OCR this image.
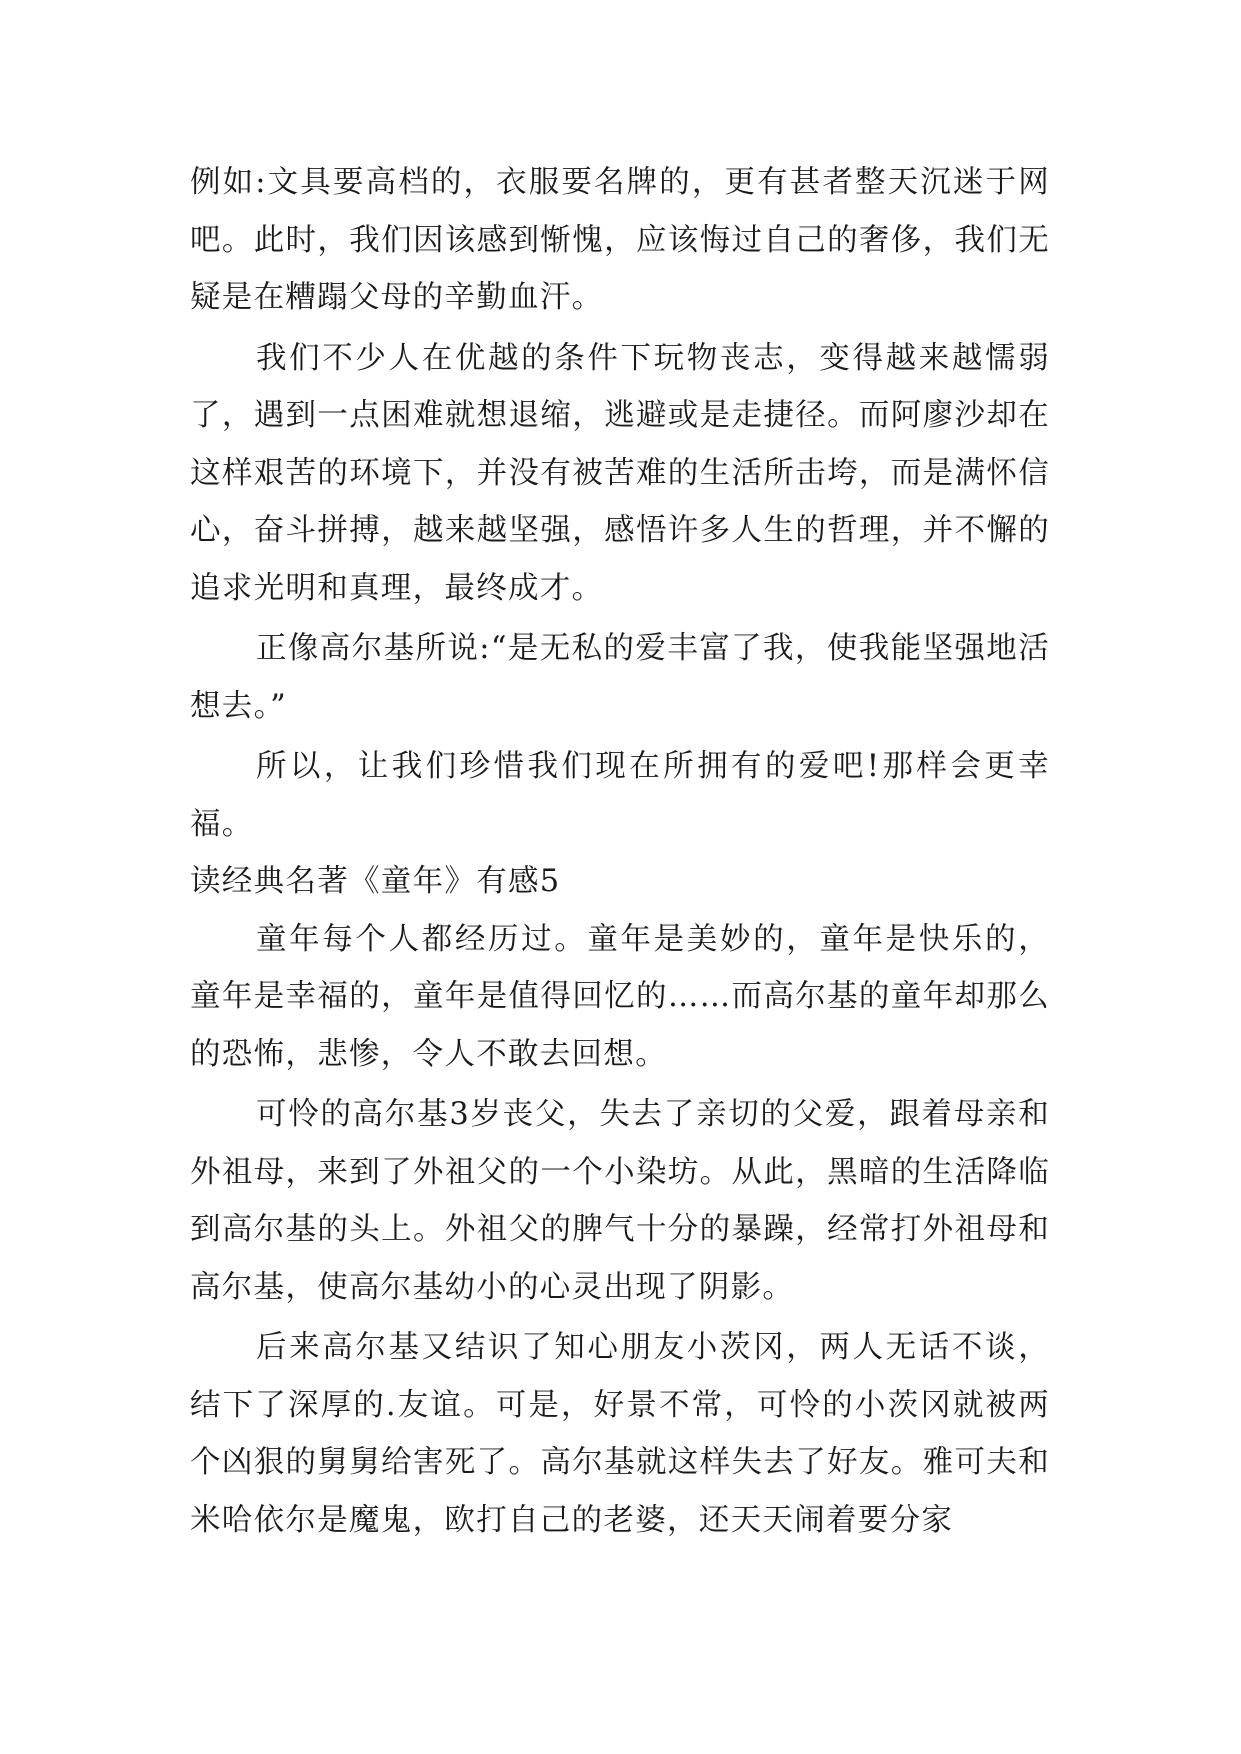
例如:文具要高档的，衣服要名牌的，更有甚者整天沉迷于网吧。此时，我们因该感到惭愧，应该悔过自己的奢侈，我们无疑是在糟蹋父母的辛勤血汗。

我们不少人在优越的条件下玩物丧志，变得越来越懦弱了，遇到一点困难就想退缩，逃避或是走捷径。而阿廖沙却在这样艰苦的环境下，并没有被苦难的生活所击垮，而是满怀信心，奋斗拼搏，越来越坚强，感悟许多人生的哲理，并不懈的追求光明和真理，最终成才。

正像高尔基所说:“是无私的爱丰富了我，使我能坚强地活想去。”

所以，让我们珍惜我们现在所拥有的爱吧!那样会更幸福。

读经典名著《童年》有感5

童年每个人都经历过。童年是美妙的，童年是快乐的，童年是幸福的，童年是值得回忆的……而高尔基的童年却那么的恐怖，悲惨，令人不敢去回想。

可怜的高尔基3岁丧父，失去了亲切的父爱，跟着母亲和外祖母，来到了外祖父的一个小染坊。从此，黑暗的生活降临到高尔基的头上。外祖父的脾气十分的暴躁，经常打外祖母和高尔基，使高尔基幼小的心灵出现了阴影。

后来高尔基又结识了知心朋友小茨冈，两人无话不谈，结下了深厚的.友谊。可是，好景不常，可怜的小茨冈就被两个凶狠的舅舅给害死了。高尔基就这样失去了好友。雅可夫和米哈依尔是魔鬼，欧打自己的老婆，还天天闹着要分家
